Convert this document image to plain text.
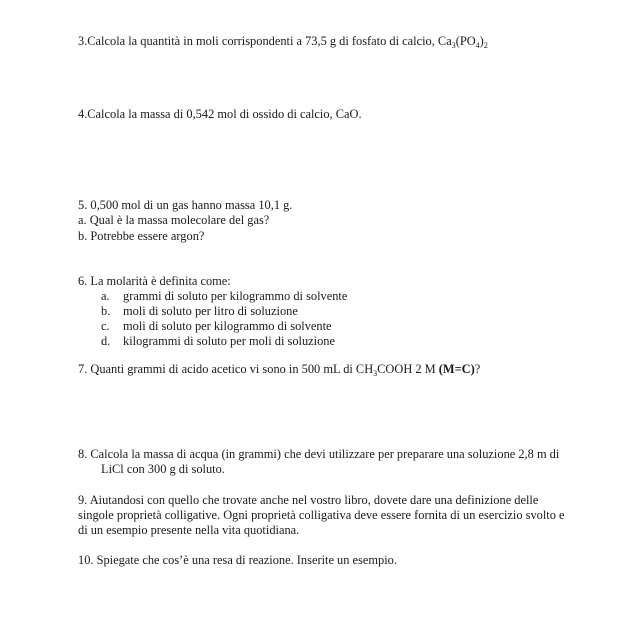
3.Calcola la quantità in moli corrispondenti a 73,5 g di fosfato di calcio, $Ca_3(PO_4)_2$
4.Calcola la massa di 0,542 mol di ossido di calcio, CaO.
5. 0,500 mol di un gas hanno massa 10,1 g.
a. Qual è la massa molecolare del gas?
b. Potrebbe essere argon?
6. La molarità è definita come:
a. grammi di soluto per kilogrammo di solvente
b. moli di soluto per litro di soluzione
c. moli di soluto per kilogrammo di solvente
d. kilogrammi di soluto per moli di soluzione
7. Quanti grammi di acido acetico vi sono in 500 mL di $CH_3COOH$ 2 M (M=C)?
8. Calcola la massa di acqua (in grammi) che devi utilizzare per preparare una soluzione 2,8 m di
LiCl con 300 g di soluto.
9. Aiutandosi con quello che trovate anche nel vostro libro, dovete dare una definizione delle
singole proprietà colligative. Ogni proprietà colligativa deve essere fornita di un esercizio svolto e
di un esempio presente nella vita quotidiana.
10. Spiegate che cos’è una resa di reazione. Inserite un esempio.
